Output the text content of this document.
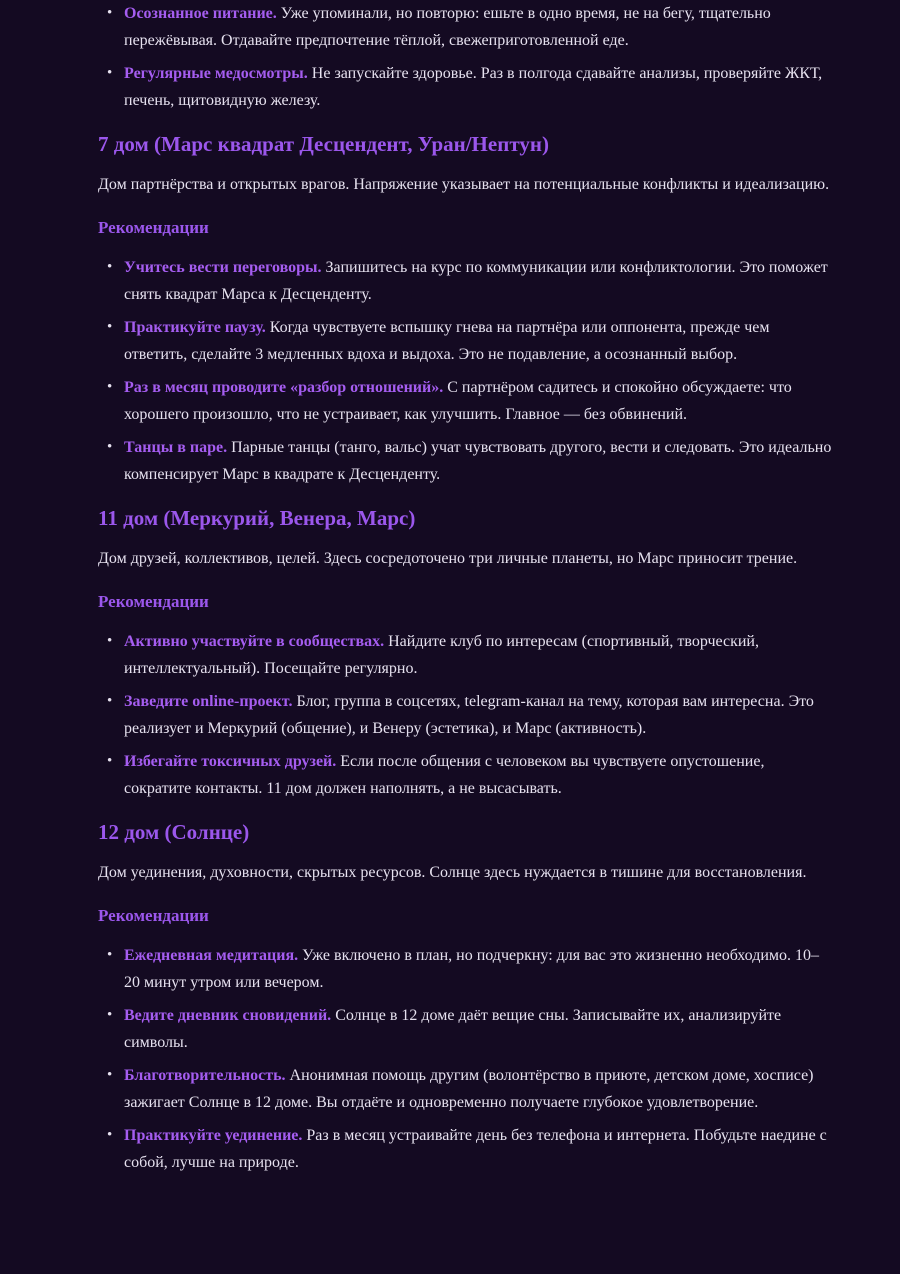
• Осознанное питание. Уже упоминали, но повторю: ешьте в одно время, не на бегу, тщательно пережёвывая. Отдавайте предпочтение тёплой, свежеприготовленной еде.
• Регулярные медосмотры. Не запускайте здоровье. Раз в полгода сдавайте анализы, проверяйте ЖКТ, печень, щитовидную железу.
7 дом (Марс квадрат Десцендент, Уран/Нептун)

Дом партнёрства и открытых врагов. Напряжение указывает на потенциальные конфликты и идеализацию.

Рекомендации
• Учитесь вести переговоры. Запишитесь на курс по коммуникации или конфликтологии. Это поможет снять квадрат Марса к Десценденту.
• Практикуйте паузу. Когда чувствуете вспышку гнева на партнёра или оппонента, прежде чем ответить, сделайте 3 медленных вдоха и выдоха. Это не подавление, а осознанный выбор.
• Раз в месяц проводите «разбор отношений». С партнёром садитесь и спокойно обсуждаете: что хорошего произошло, что не устраивает, как улучшить. Главное — без обвинений.
• Танцы в паре. Парные танцы (танго, вальс) учат чувствовать другого, вести и следовать. Это идеально компенсирует Марс в квадрате к Десценденту.
11 дом (Меркурий, Венера, Марс)

Дом друзей, коллективов, целей. Здесь сосредоточено три личные планеты, но Марс приносит трение.

Рекомендации
• Активно участвуйте в сообществах. Найдите клуб по интересам (спортивный, творческий, интеллектуальный). Посещайте регулярно.
• Заведите online-проект. Блог, группа в соцсетях, telegram-канал на тему, которая вам интересна. Это реализует и Меркурий (общение), и Венеру (эстетика), и Марс (активность).
• Избегайте токсичных друзей. Если после общения с человеком вы чувствуете опустошение, сократите контакты. 11 дом должен наполнять, а не высасывать.
12 дом (Солнце)

Дом уединения, духовности, скрытых ресурсов. Солнце здесь нуждается в тишине для восстановления.

Рекомендации
• Ежедневная медитация. Уже включено в план, но подчеркну: для вас это жизненно необходимо. 10–20 минут утром или вечером.
• Ведите дневник сновидений. Солнце в 12 доме даёт вещие сны. Записывайте их, анализируйте символы.
• Благотворительность. Анонимная помощь другим (волонтёрство в приюте, детском доме, хосписе) зажигает Солнце в 12 доме. Вы отдаёте и одновременно получаете глубокое удовлетворение.
• Практикуйте уединение. Раз в месяц устраивайте день без телефона и интернета. Побудьте наедине с собой, лучше на природе.
